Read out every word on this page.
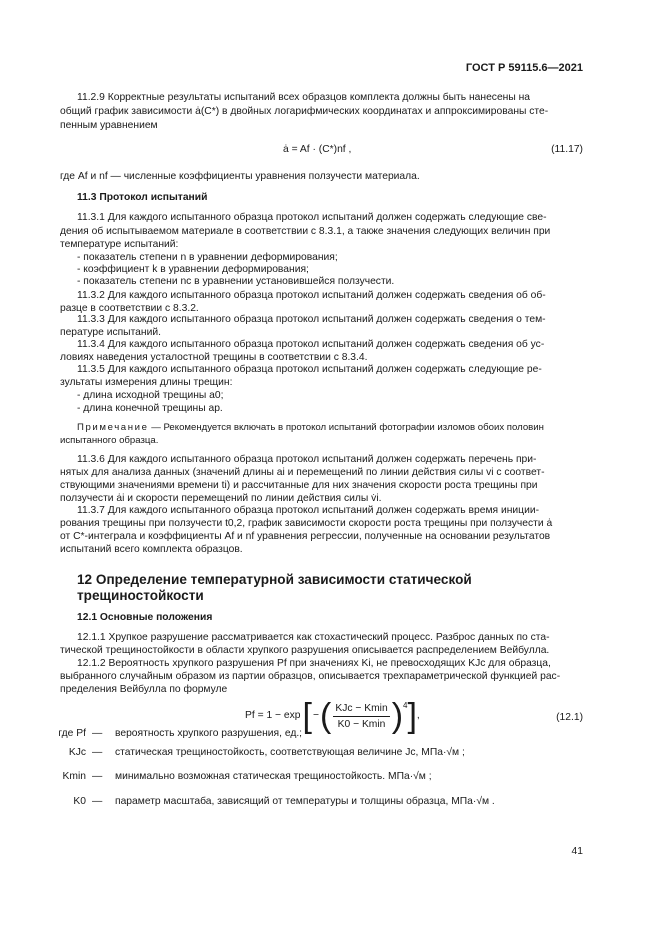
ГОСТ Р 59115.6—2021
11.2.9 Корректные результаты испытаний всех образцов комплекта должны быть нанесены на
общий график зависимости ȧ(C*) в двойных логарифмических координатах и аппроксимированы сте-
пенным уравнением
ȧ = Af · (C*)nf ,	(11.17)
где Af и nf — численные коэффициенты уравнения ползучести материала.
11.3 Протокол испытаний
11.3.1 Для каждого испытанного образца протокол испытаний должен содержать следующие све-
дения об испытываемом материале в соответствии с 8.3.1, а также значения следующих величин при
температуре испытаний:
- показатель степени n в уравнении деформирования;
- коэффициент k в уравнении деформирования;
- показатель степени nc в уравнении установившейся ползучести.
11.3.2 Для каждого испытанного образца протокол испытаний должен содержать сведения об об-
разце в соответствии с 8.3.2.
11.3.3 Для каждого испытанного образца протокол испытаний должен содержать сведения о тем-
пературе испытаний.
11.3.4 Для каждого испытанного образца протокол испытаний должен содержать сведения об ус-
ловиях наведения усталостной трещины в соответствии с 8.3.4.
11.3.5 Для каждого испытанного образца протокол испытаний должен содержать следующие ре-
зультаты измерения длины трещин:
- длина исходной трещины a0;
- длина конечной трещины ap.
Примечание — Рекомендуется включать в протокол испытаний фотографии изломов обоих половин
испытанного образца.
11.3.6 Для каждого испытанного образца протокол испытаний должен содержать перечень при-
нятых для анализа данных (значений длины ai и перемещений по линии действия силы vi с соответ-
ствующими значениями времени ti) и рассчитанные для них значения скорости роста трещины при
ползучести ȧi и скорости перемещений по линии действия силы v̇i.
11.3.7 Для каждого испытанного образца протокол испытаний должен содержать время иниции-
рования трещины при ползучести t0,2, график зависимости скорости роста трещины при ползучести ȧ
от C*-интеграла и коэффициенты Af и nf уравнения регрессии, полученные на основании результатов
испытаний всего комплекта образцов.
12 Определение температурной зависимости статической
трещиностойкости
12.1 Основные положения
12.1.1 Хрупкое разрушение рассматривается как стохастический процесс. Разброс данных по ста-
тической трещиностойкости в области хрупкого разрушения описывается распределением Вейбулла.
12.1.2 Вероятность хрупкого разрушения Pf при значениях Ki, не превосходящих KJc для образца,
выбранного случайным образом из партии образцов, описывается трехпараметрической функцией рас-
пределения Вейбулла по формуле
Pf = 1 − exp [ − ( $\frac{\text{KJc − Kmin}}{K0 - Kmin}$ ) 4 ] ,	(12.1)
где Pf — вероятность хрупкого разрушения, ед.;
KJc — статическая трещиностойкость, соответствующая величине Jc, МПа·√м ;
Kmin — минимально возможная статическая трещиностойкость. МПа·√м ;
K0 — параметр масштаба, зависящий от температуры и толщины образца, МПа·√м .
41
